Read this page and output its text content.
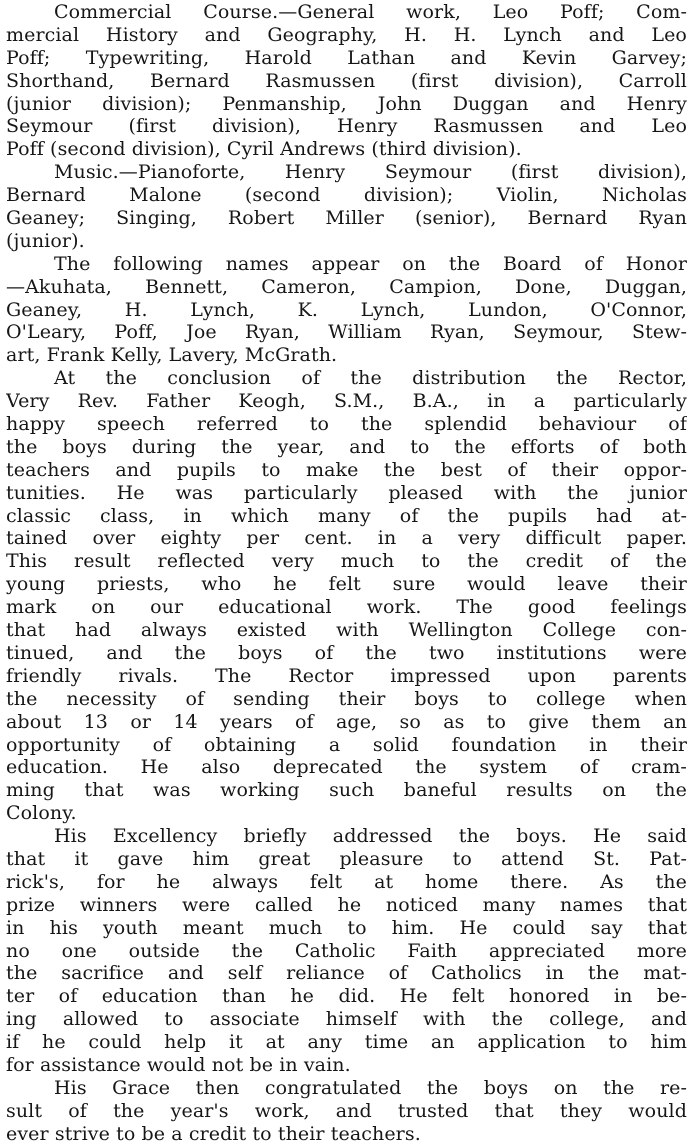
Commercial Course.—General work, Leo Poff; Com-
mercial History and Geography, H. H. Lynch and Leo
Poff; Typewriting, Harold Lathan and Kevin Garvey;
Shorthand, Bernard Rasmussen (first division), Carroll
(junior division); Penmanship, John Duggan and Henry
Seymour (first division), Henry Rasmussen and Leo
Poff (second division), Cyril Andrews (third division).
Music.—Pianoforte, Henry Seymour (first division),
Bernard Malone (second division); Violin, Nicholas
Geaney; Singing, Robert Miller (senior), Bernard Ryan
(junior).
The following names appear on the Board of Honor
—Akuhata, Bennett, Cameron, Campion, Done, Duggan,
Geaney, H. Lynch, K. Lynch, Lundon, O'Connor,
O'Leary, Poff, Joe Ryan, William Ryan, Seymour, Stew-
art, Frank Kelly, Lavery, McGrath.
At the conclusion of the distribution the Rector,
Very Rev. Father Keogh, S.M., B.A., in a particularly
happy speech referred to the splendid behaviour of
the boys during the year, and to the efforts of both
teachers and pupils to make the best of their oppor-
tunities. He was particularly pleased with the junior
classic class, in which many of the pupils had at-
tained over eighty per cent. in a very difficult paper.
This result reflected very much to the credit of the
young priests, who he felt sure would leave their
mark on our educational work. The good feelings
that had always existed with Wellington College con-
tinued, and the boys of the two institutions were
friendly rivals. The Rector impressed upon parents
the necessity of sending their boys to college when
about 13 or 14 years of age, so as to give them an
opportunity of obtaining a solid foundation in their
education. He also deprecated the system of cram-
ming that was working such baneful results on the
Colony.
His Excellency briefly addressed the boys. He said
that it gave him great pleasure to attend St. Pat-
rick's, for he always felt at home there. As the
prize winners were called he noticed many names that
in his youth meant much to him. He could say that
no one outside the Catholic Faith appreciated more
the sacrifice and self reliance of Catholics in the mat-
ter of education than he did. He felt honored in be-
ing allowed to associate himself with the college, and
if he could help it at any time an application to him
for assistance would not be in vain.
His Grace then congratulated the boys on the re-
sult of the year's work, and trusted that they would
ever strive to be a credit to their teachers.
